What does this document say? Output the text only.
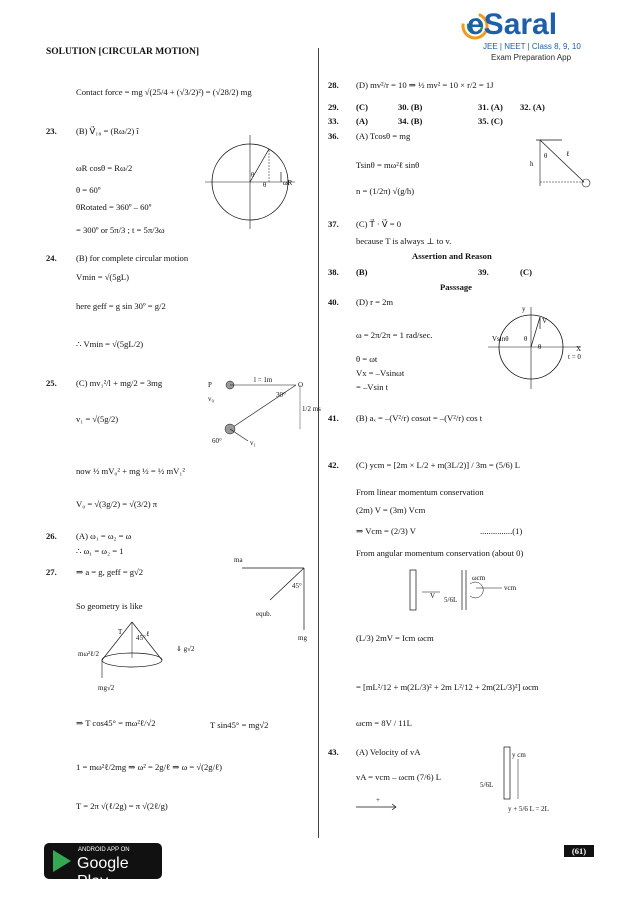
SOLUTION [CIRCULAR MOTION]
eSaral
JEE | NEET | Class 8, 9, 10
Exam Preparation App
Contact force = mg √(25/4 + (√3/2)²) = (√28/2) mg
23. (B) V⃗₁₈ = (Rω/2) î
ωR cosθ = Rω/2
θ = 60º
θRotated = 360º – 60º
= 300º or 5π/3 ; t = 5π/3ω
θ
θ ωR
24. (B) for complete circular motion
Vmin = √(5gL)
here geff = g sin 30º = g/2
∴ Vmin = √(5gL/2)
25. (C) mv₁²/l + mg/2 = 3mg
v₁ = √(5g/2)
now ½ mV₀² + mg ½ = ½ mV₁²
V₀ = √(3g/2) = √(3/2) π
P
v₀
l = 1m
O
30°
60°	v₁
1/2 ms
26. (A) ω₁ = ω₂ = ω
∴ ω₁ = ω₂ = 1
27. ⇒ a = g, geff = g√2
So geometry is like
ma
45°
equb.
mg
T	ℓ
45°
mω²ℓ/2
⇓ g√2
mg√2
⇒ T cos45° = mω²ℓ/√2	T sin45° = mg√2
1 = mω²ℓ/2mg ⇒ ω² = 2g/ℓ ⇒ ω = √(2g/ℓ)
T = 2π √(ℓ/2g) = π √(2ℓ/g)
28. (D) mv²/r = 10 ⇒ ½ mv² = 10 × r/2 = 1J
29. (C)	30. (B)	31. (A) 32. (A)
33. (A)	34. (B)	35. (C)
36. (A) Tcosθ = mg
Tsinθ = mω²ℓ sinθ
n = (1/2π) √(g/h)
h
θ	ℓ
37. (C) T⃗ · V⃗ = 0
because T is always ⊥ to v.
Assertion and Reason
38. (B)	39.	(C)
Passsage
40. (D) r = 2m
ω = 2π/2π = 1 rad/sec.
θ = ωt
Vx = –Vsinωt
= –Vsin t
y
X
V
Vsinθ θ
θ
t = 0
41. (B) aₓ = –(V²/r) cosωt = –(V²/r) cos t
42. (C) ycm = [2m × L/2 + m(3L/2)] / 3m = (5/6) L
From linear momentum conservation
(2m) V = (3m) Vcm
⇒ Vcm = (2/3) V	...............(1)
From angular momentum conservation (about 0)
V 5/6L
vcm
ωcm
(L/3) 2mV = Icm ωcm
= [mL²/12 + m(2L/3)² + 2m L²/12 + 2m(2L/3)²] ωcm
ωcm = 8V / 11L
43. (A) Velocity of vA
vA = vcm – ωcm (7/6) L
+
y cm
5/6L
y + 5/6 L = 2L
ANDROID APP ON
Google Play
(61)
